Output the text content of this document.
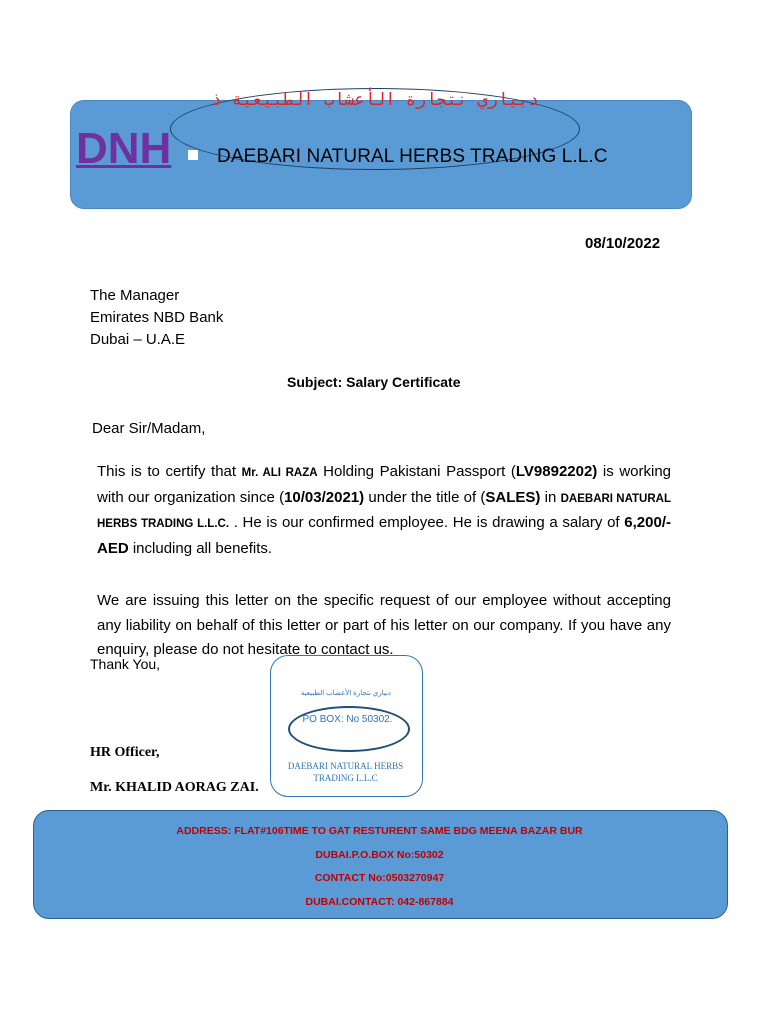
دبياري نتجارة الأعشاب الطبيعية ذ
DNH DAEBARI NATURAL HERBS TRADING L.L.C
08/10/2022
The Manager
Emirates NBD Bank
Dubai – U.A.E
Subject: Salary Certificate
Dear Sir/Madam,
This is to certify that Mr. ALI RAZA Holding Pakistani Passport (LV9892202) is working with our organization since (10/03/2021) under the title of (SALES) in DAEBARI NATURAL HERBS TRADING L.L.C. . He is our confirmed employee. He is drawing a salary of 6,200/-AED including all benefits.
We are issuing this letter on the specific request of our employee without accepting any liability on behalf of this letter or part of his letter on our company. If you have any enquiry, please do not hesitate to contact us.
Thank You,
HR Officer,
Mr. KHALID AORAG ZAI.
دبياري نتجارة الأعشاب الطبيعية
PO BOX: No 50302.
DAEBARI NATURAL HERBS TRADING L.L.C
ADDRESS: FLAT#106TIME TO GAT RESTURENT SAME BDG MEENA BAZAR BUR
DUBAI.P.O.BOX No:50302
CONTACT No:0503270947
DUBAI.CONTACT: 042-867884
